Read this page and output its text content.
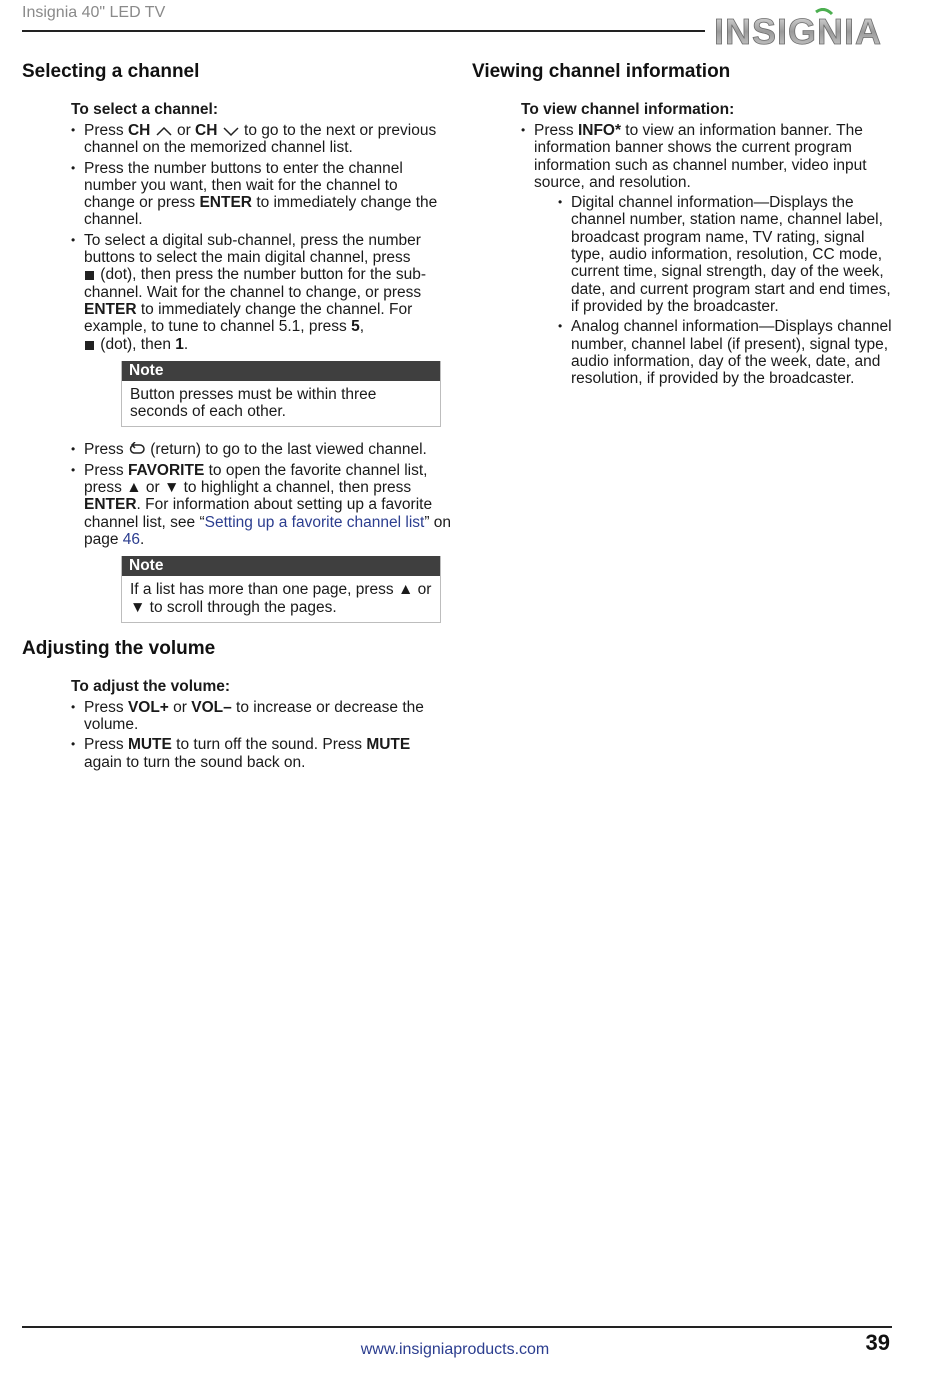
Insignia 40" LED TV	INSIGNIA
Selecting a channel
To select a channel:
• Press CH  or CH  to go to the next or previous channel on the memorized channel list.
• Press the number buttons to enter the channel number you want, then wait for the channel to change or press ENTER to immediately change the channel.
• To select a digital sub-channel, press the number buttons to select the main digital channel, press
(dot), then press the number button for the sub-channel. Wait for the channel to change, or press ENTER to immediately change the channel. For example, to tune to channel 5.1, press 5,
(dot), then 1.
Note
Button presses must be within three seconds of each other.
• Press  (return) to go to the last viewed channel.
• Press FAVORITE to open the favorite channel list, press ▲ or ▼ to highlight a channel, then press ENTER. For information about setting up a favorite channel list, see “Setting up a favorite channel list” on page 46.
Note
If a list has more than one page, press ▲ or
▼ to scroll through the pages.
Adjusting the volume
To adjust the volume:
• Press VOL+ or VOL– to increase or decrease the volume.
• Press MUTE to turn off the sound. Press MUTE again to turn the sound back on.
Viewing channel information
To view channel information:
• Press INFO* to view an information banner. The information banner shows the current program information such as channel number, video input source, and resolution.
• Digital channel information—Displays the channel number, station name, channel label, broadcast program name, TV rating, signal type, audio information, resolution, CC mode, current time, signal strength, day of the week, date, and current program start and end times, if provided by the broadcaster.
• Analog channel information—Displays channel number, channel label (if present), signal type, audio information, day of the week, date, and resolution, if provided by the broadcaster.
www.insigniaproducts.com	39
